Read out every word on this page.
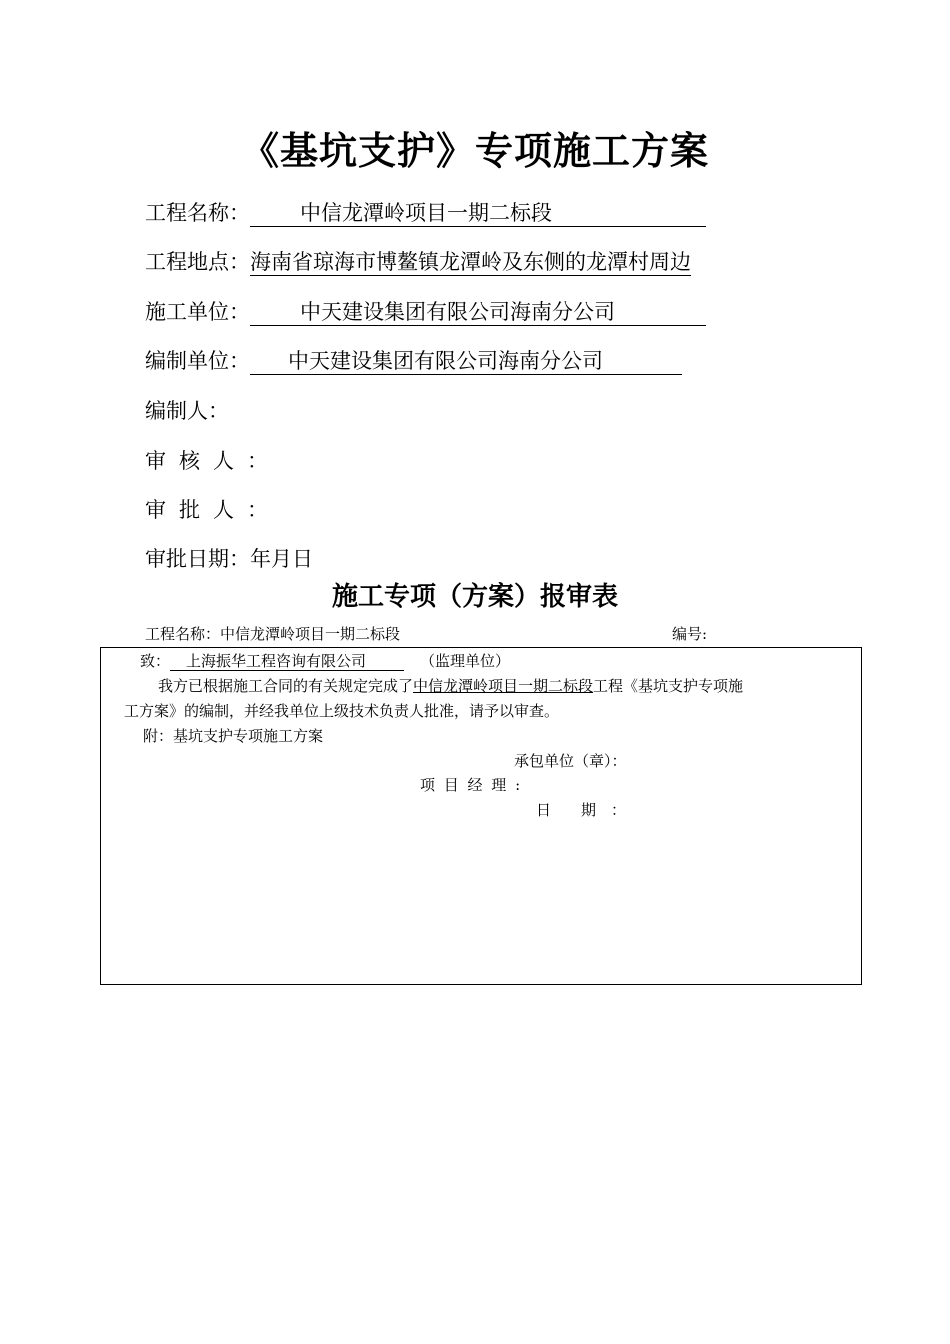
《基坑支护》专项施工方案
工程名称： 中信龙潭岭项目一期二标段
工程地点：海南省琼海市博鳌镇龙潭岭及东侧的龙潭村周边
施工单位： 中天建设集团有限公司海南分公司
编制单位： 中天建设集团有限公司海南分公司
编制人：
审核人：
审批人：
审批日期：年月日
施工专项（方案）报审表
工程名称：中信龙潭岭项目一期二标段	编号:
致： 上海振华工程咨询有限公司	（监理单位）
我方已根据施工合同的有关规定完成了中信龙潭岭项目一期二标段工程《基坑支护专项施
工方案》的编制，并经我单位上级技术负责人批准，请予以审查。
附：基坑支护专项施工方案
承包单位（章）：
项 目 经 理 :
日　　期　：
